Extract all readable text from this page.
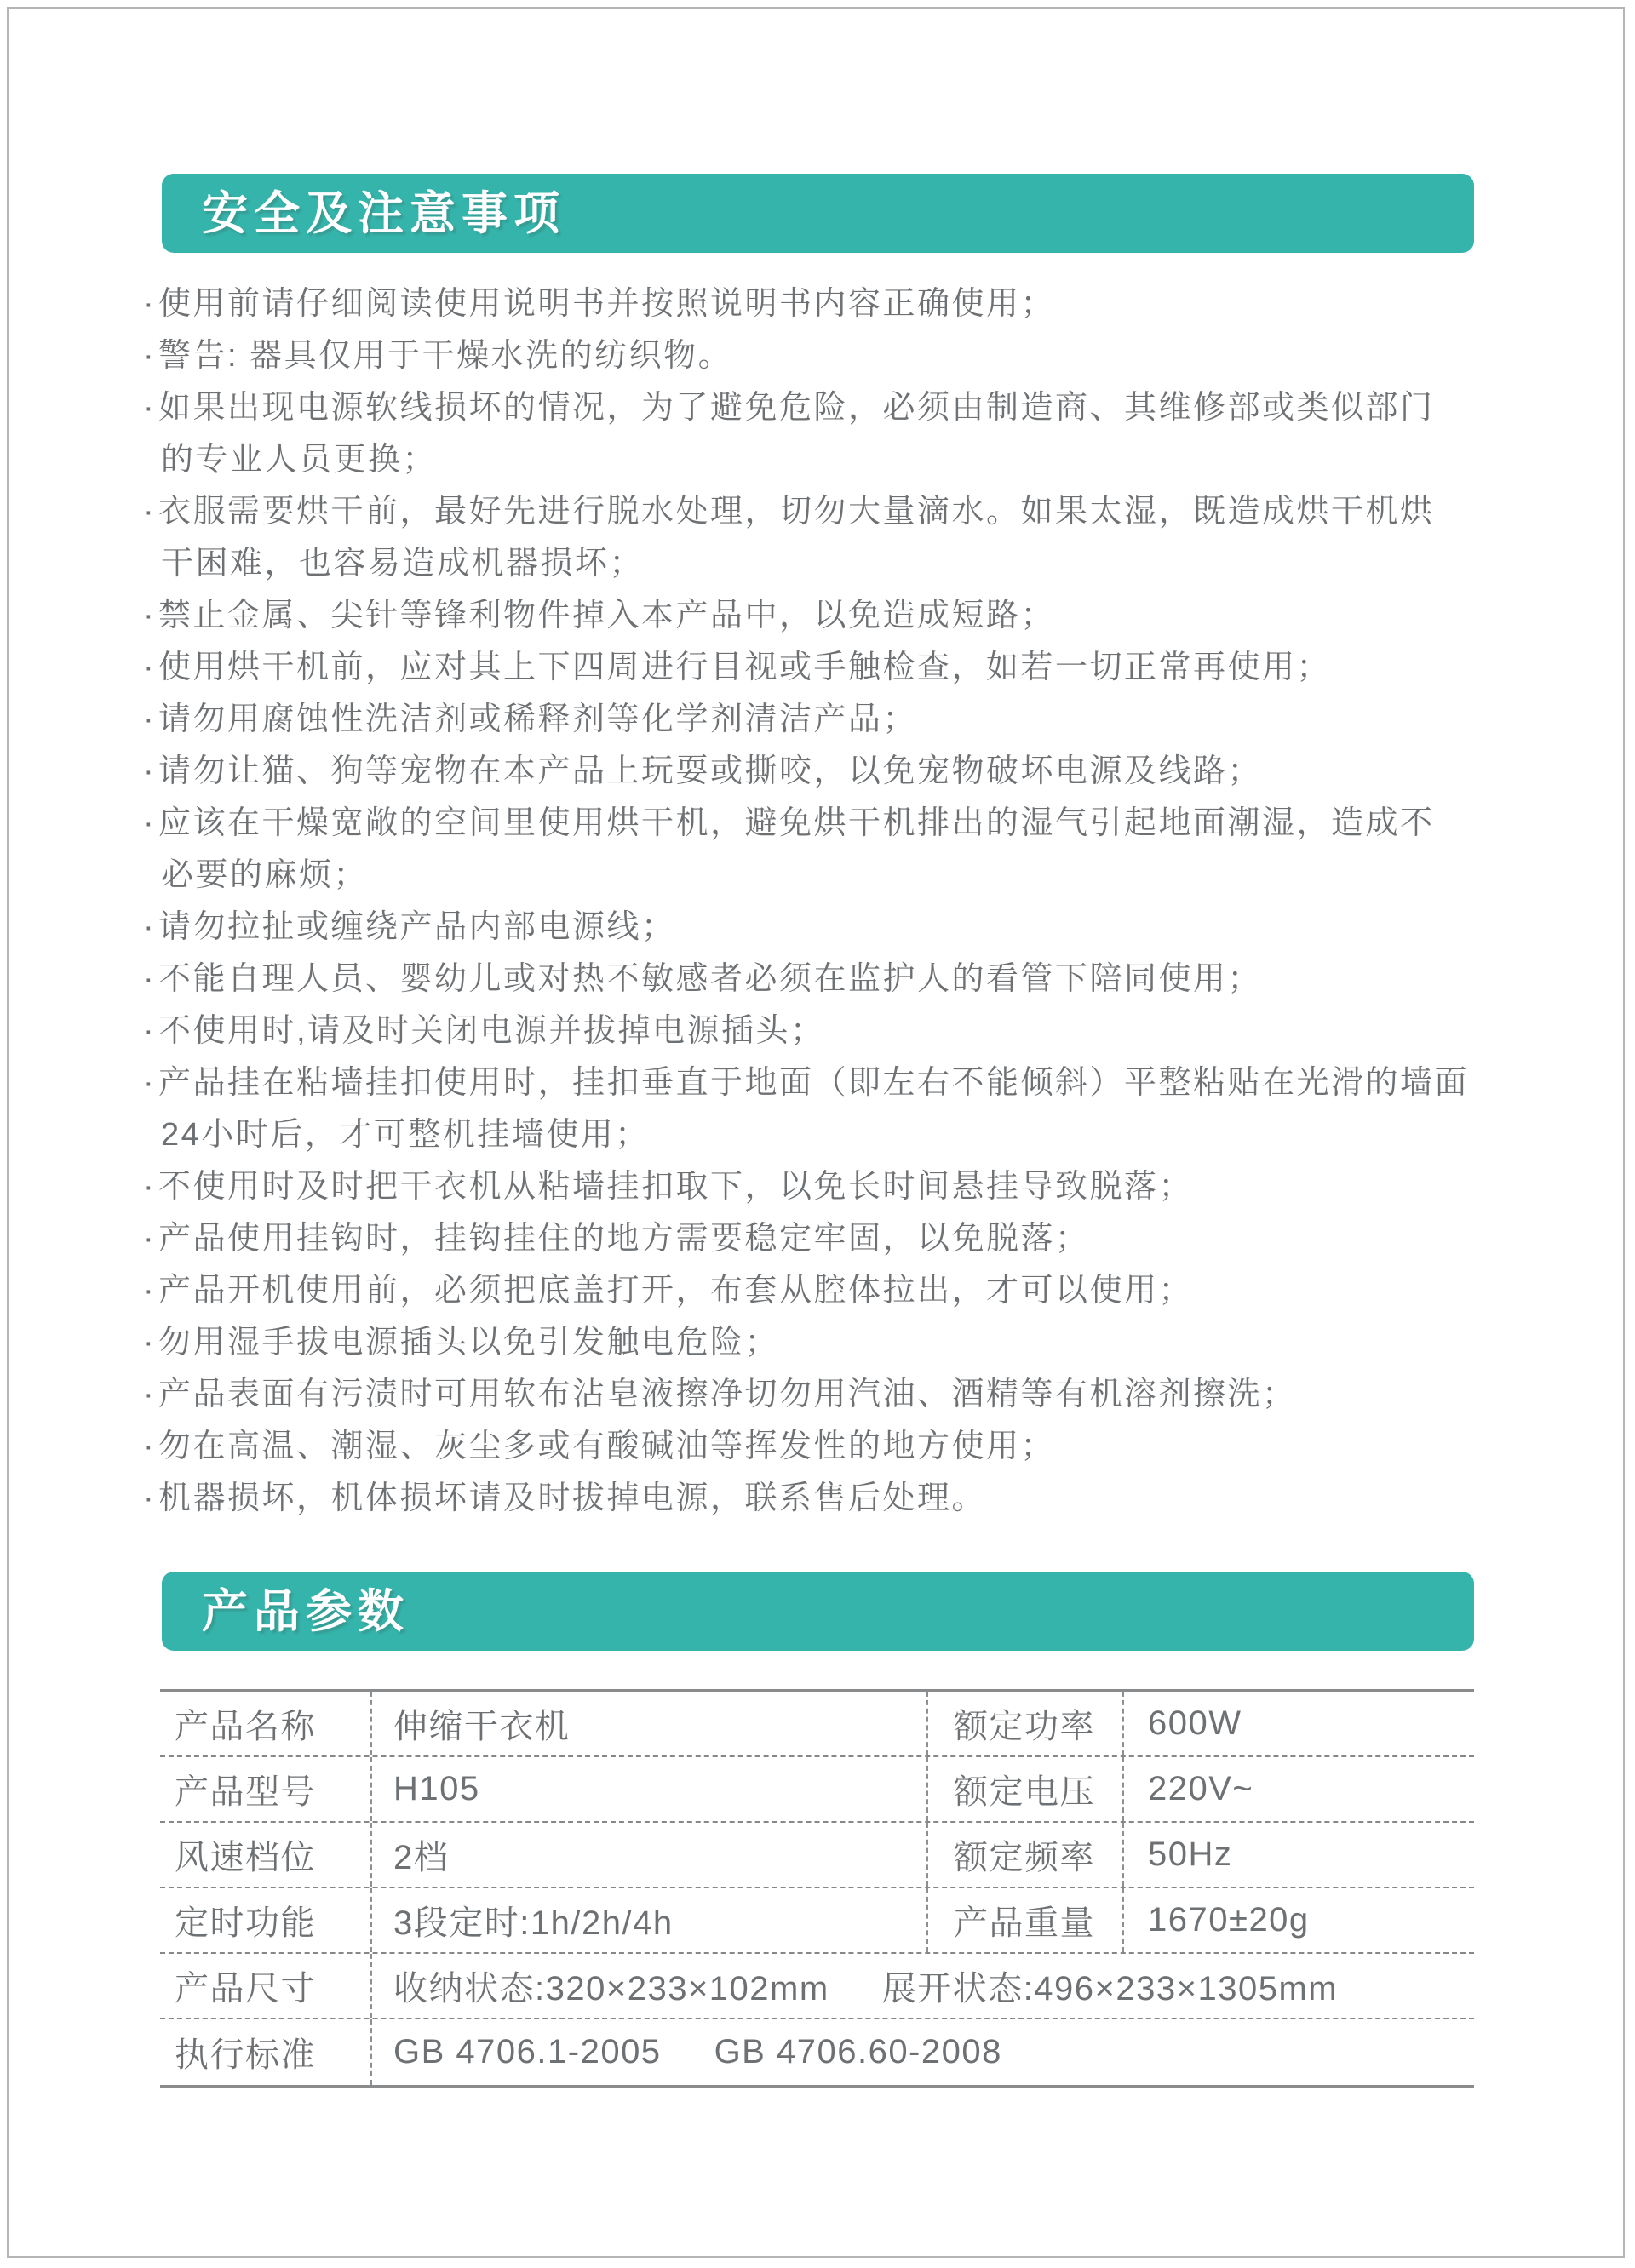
安全及注意事项
·使用前请仔细阅读使用说明书并按照说明书内容正确使用；
·警告: 器具仅用于干燥水洗的纺织物。
·如果出现电源软线损坏的情况，为了避免危险，必须由制造商、其维修部或类似部门
的专业人员更换；
·衣服需要烘干前，最好先进行脱水处理，切勿大量滴水。如果太湿，既造成烘干机烘
干困难，也容易造成机器损坏；
·禁止金属、尖针等锋利物件掉入本产品中，以免造成短路；
·使用烘干机前，应对其上下四周进行目视或手触检查，如若一切正常再使用；
·请勿用腐蚀性洗洁剂或稀释剂等化学剂清洁产品；
·请勿让猫、狗等宠物在本产品上玩耍或撕咬，以免宠物破坏电源及线路；
·应该在干燥宽敞的空间里使用烘干机，避免烘干机排出的湿气引起地面潮湿，造成不
必要的麻烦；
·请勿拉扯或缠绕产品内部电源线；
·不能自理人员、婴幼儿或对热不敏感者必须在监护人的看管下陪同使用；
·不使用时,请及时关闭电源并拔掉电源插头；
·产品挂在粘墙挂扣使用时，挂扣垂直于地面（即左右不能倾斜）平整粘贴在光滑的墙面
24小时后，才可整机挂墙使用；
·不使用时及时把干衣机从粘墙挂扣取下，以免长时间悬挂导致脱落；
·产品使用挂钩时，挂钩挂住的地方需要稳定牢固，以免脱落；
·产品开机使用前，必须把底盖打开，布套从腔体拉出，才可以使用；
·勿用湿手拔电源插头以免引发触电危险；
·产品表面有污渍时可用软布沾皂液擦净切勿用汽油、酒精等有机溶剂擦洗；
·勿在高温、潮湿、灰尘多或有酸碱油等挥发性的地方使用；
·机器损坏，机体损坏请及时拔掉电源，联系售后处理。
产品参数
产品名称	伸缩干衣机	额定功率	600W
产品型号	H105	额定电压	220V~
风速档位	2档	额定频率	50Hz
定时功能	3段定时:1h/2h/4h	产品重量	1670±20g
产品尺寸	收纳状态:320×233×102mm 展开状态:496×233×1305mm
执行标准	GB 4706.1-2005 GB 4706.60-2008
